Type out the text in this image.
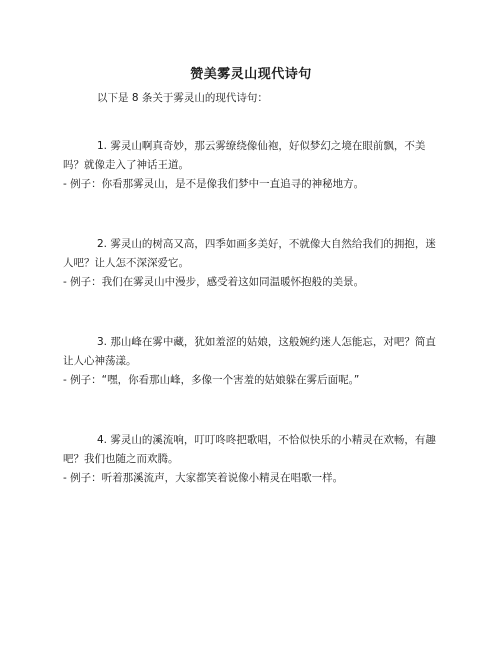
赞美雾灵山现代诗句
以下是 8 条关于雾灵山的现代诗句：

1. 雾灵山啊真奇妙，那云雾缭绕像仙袍，好似梦幻之境在眼前飘，不美吗？就像走入了神话王道。

- 例子：你看那雾灵山，是不是像我们梦中一直追寻的神秘地方。

2. 雾灵山的树高又高，四季如画多美好，不就像大自然给我们的拥抱，迷人吧？让人怎不深深爱它。

- 例子：我们在雾灵山中漫步，感受着这如同温暖怀抱般的美景。

3. 那山峰在雾中藏，犹如羞涩的姑娘，这般婉约迷人怎能忘，对吧？简直让人心神荡漾。

- 例子：“嘿，你看那山峰，多像一个害羞的姑娘躲在雾后面呢。”

4. 雾灵山的溪流响，叮叮咚咚把歌唱，不恰似快乐的小精灵在欢畅，有趣吧？我们也随之而欢腾。

- 例子：听着那溪流声，大家都笑着说像小精灵在唱歌一样。
